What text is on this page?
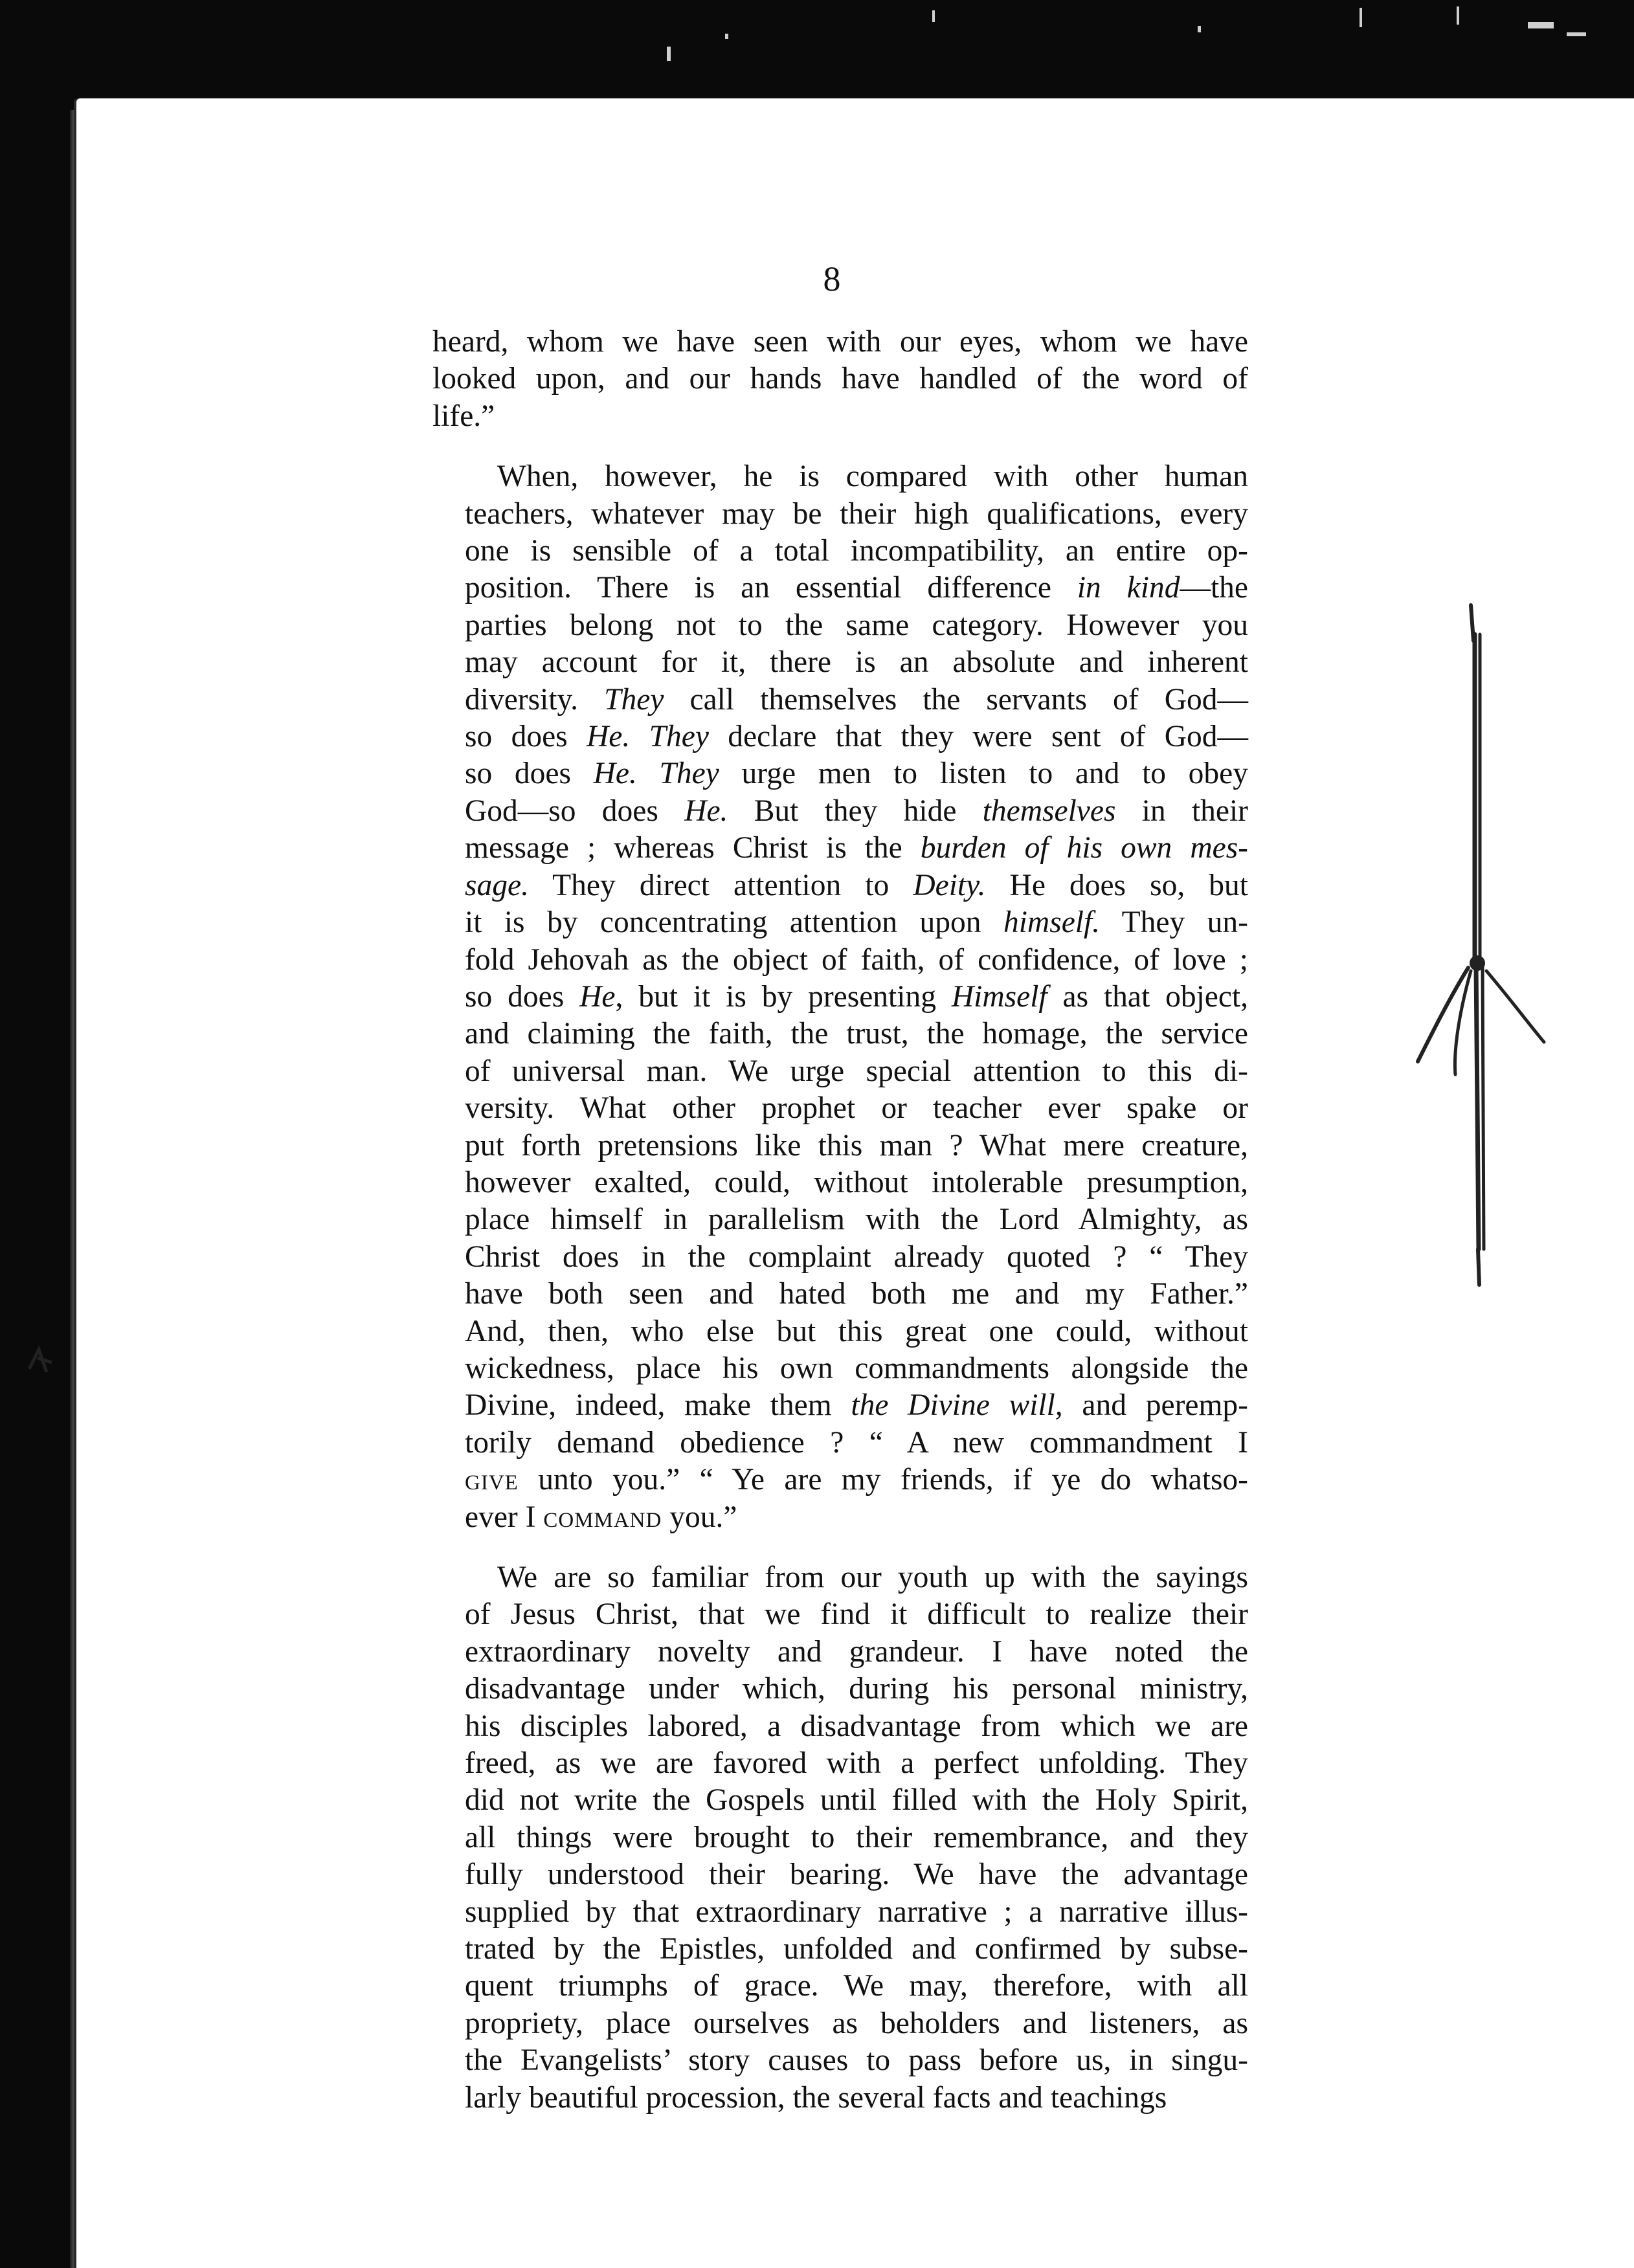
8

heard, whom we have seen with our eyes, whom we have
looked upon, and our hands have handled of the word of
life.”

When, however, he is compared with other human
teachers, whatever may be their high qualifications, every
one is sensible of a total incompatibility, an entire op-
position. There is an essential difference in kind—the
parties belong not to the same category. However you
may account for it, there is an absolute and inherent
diversity. They call themselves the servants of God—
so does He. They declare that they were sent of God—
so does He. They urge men to listen to and to obey
God—so does He. But they hide themselves in their
message ; whereas Christ is the burden of his own mes-
sage. They direct attention to Deity. He does so, but
it is by concentrating attention upon himself. They un-
fold Jehovah as the object of faith, of confidence, of love ;
so does He, but it is by presenting Himself as that object,
and claiming the faith, the trust, the homage, the service
of universal man. We urge special attention to this di-
versity. What other prophet or teacher ever spake or
put forth pretensions like this man ? What mere creature,
however exalted, could, without intolerable presumption,
place himself in parallelism with the Lord Almighty, as
Christ does in the complaint already quoted ? “ They
have both seen and hated both me and my Father.”
And, then, who else but this great one could, without
wickedness, place his own commandments alongside the
Divine, indeed, make them the Divine will, and peremp-
torily demand obedience ? “ A new commandment I
give unto you.” “ Ye are my friends, if ye do whatso-
ever I command you.”

We are so familiar from our youth up with the sayings
of Jesus Christ, that we find it difficult to realize their
extraordinary novelty and grandeur. I have noted the
disadvantage under which, during his personal ministry,
his disciples labored, a disadvantage from which we are
freed, as we are favored with a perfect unfolding. They
did not write the Gospels until filled with the Holy Spirit,
all things were brought to their remembrance, and they
fully understood their bearing. We have the advantage
supplied by that extraordinary narrative ; a narrative illus-
trated by the Epistles, unfolded and confirmed by subse-
quent triumphs of grace. We may, therefore, with all
propriety, place ourselves as beholders and listeners, as
the Evangelists’ story causes to pass before us, in singu-
larly beautiful procession, the several facts and teachings
